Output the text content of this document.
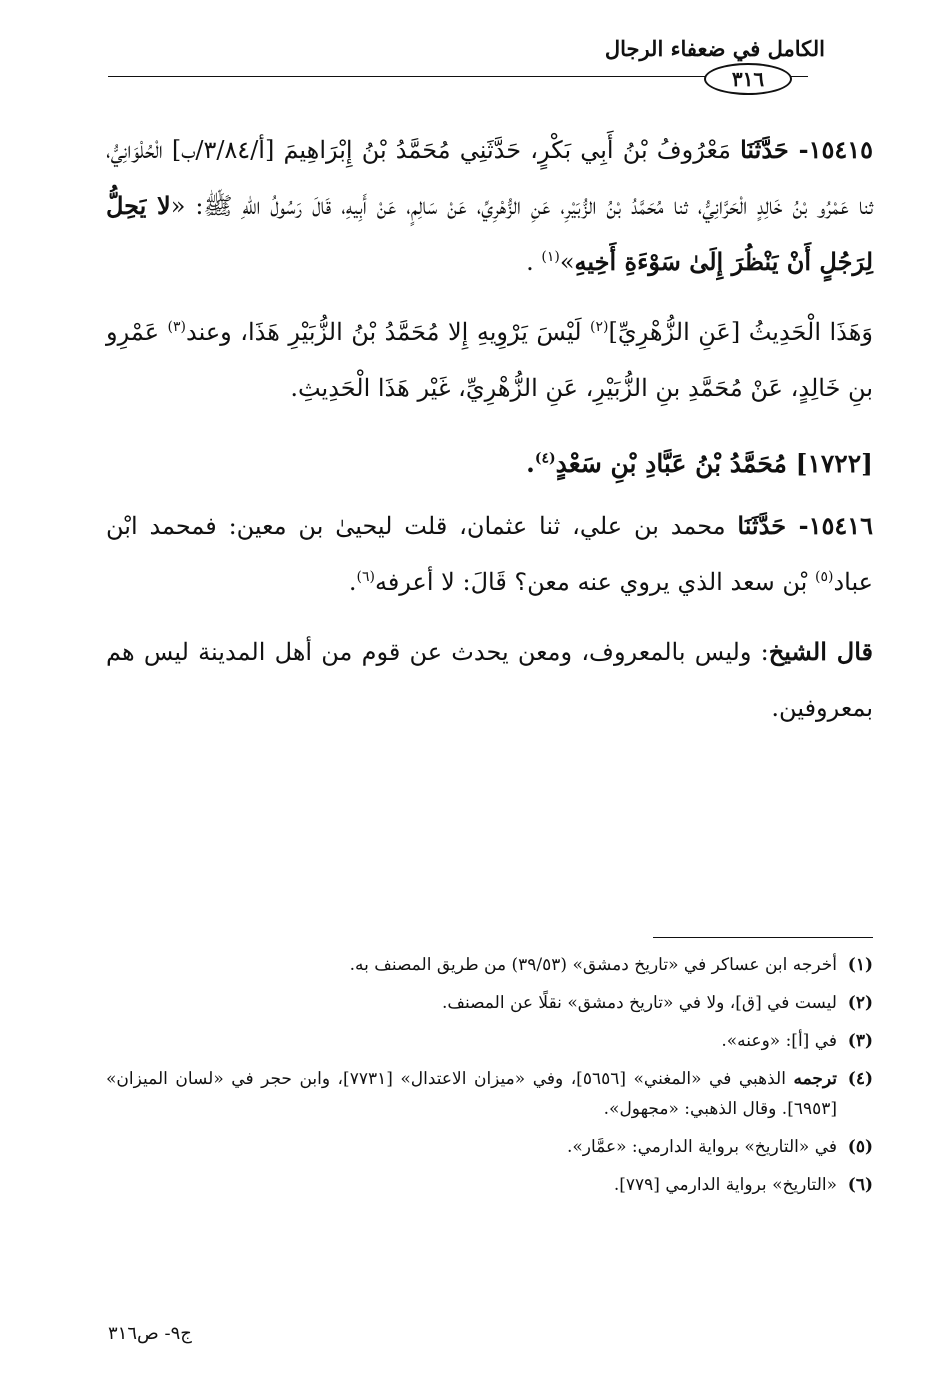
الكامل في ضعفاء الرجال
٣١٦

١٥٤١٥- حَدَّثَنَا مَعْرُوفُ بْنُ أَبِي بَكْرٍ، حَدَّثَنِي مُحَمَّدُ بْنُ إِبْرَاهِيمَ [أ/٣/٨٤/ب] الْحُلْوَانِيُّ، ثنا عَمْرُو بْنُ خَالِدٍ الْحَرَّانِيُّ، ثنا مُحَمَّدُ بْنُ الزُّبَيْرِ، عَنِ الزُّهْرِيِّ، عَنْ سَالِمٍ، عَنْ أَبِيهِ، قَالَ رَسُولُ اللهِ ﷺ: «لا يَحِلُّ لِرَجُلٍ أَنْ يَنْظُرَ إِلَىٰ سَوْءَةِ أَخِيهِ»$^{(١)}$ .

وَهَذَا الْحَدِيثُ [عَنِ الزُّهْرِيِّ]$^{(٢)}$ لَيْسَ يَرْوِيهِ إِلا مُحَمَّدُ بْنُ الزُّبَيْرِ هَذَا، وعند$^{(٣)}$ عَمْرِو بنِ خَالِدٍ، عَنْ مُحَمَّدِ بنِ الزُّبَيْرِ، عَنِ الزُّهْرِيِّ، غَيْر هَذَا الْحَدِيثِ.

[١٧٢٢] مُحَمَّدُ بْنُ عَبَّادِ بْنِ سَعْدٍ$^{(٤)}$.

١٥٤١٦- حَدَّثَنَا محمد بن علي، ثنا عثمان، قلت ليحيىٰ بن معين: فمحمد ابْن عباد$^{(٥)}$ بْن سعد الذي يروي عنه معن؟ قَالَ: لا أعرفه$^{(٦)}$.

قال الشيخ: وليس بالمعروف، ومعن يحدث عن قوم من أهل المدينة ليس هم بمعروفين.

(١)
أخرجه ابن عساكر في «تاريخ دمشق» (٣٩/٥٣) من طريق المصنف به.
(٢)
ليست في [ق]، ولا في «تاريخ دمشق» نقلًا عن المصنف.
(٣)
في [أ]: «وعنه».
(٤)
ترجمه الذهبي في «المغني» [٥٦٥٦]، وفي «ميزان الاعتدال» [٧٧٣١]، وابن حجر في «لسان الميزان» [٦٩٥٣]. وقال الذهبي: «مجهول».
(٥)
في «التاريخ» برواية الدارمي: «عمَّار».
(٦)
«التاريخ» برواية الدارمي [٧٧٩].
ج٩- ص٣١٦
